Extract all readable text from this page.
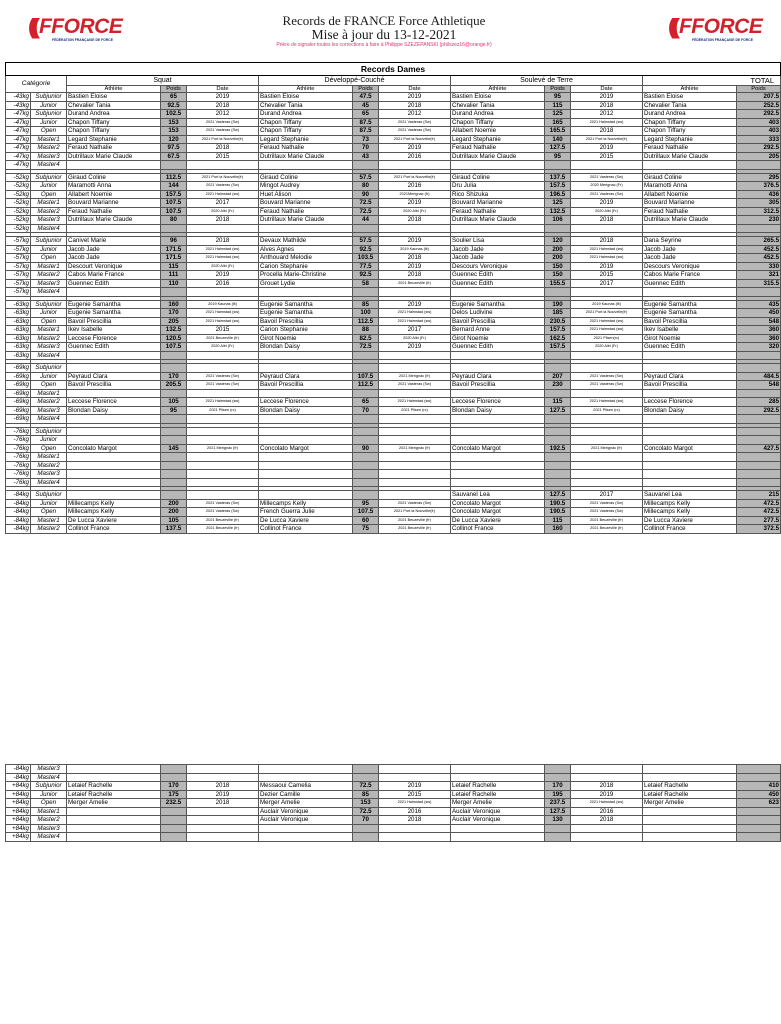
((( FFORCE
FÉDÉRATION FRANÇAISE DE FORCE
((( FFORCE
FÉDÉRATION FRANÇAISE DE FORCE
Records de FRANCE Force Athletique
Mise à jour du 13-12-2021
Prière de signaler toutes les corrections à faire à Philippe SZEZEPANSKI (philszez16@orange.fr)
Records Dames												
Catégorie		Squat			Développé-Couché			Soulevé de Terre			TOTAL	
		Athlète	Poids	Date	Athlète	Poids	Date	Athlète	Poids	Date	Athlète	Poids
-43kg	Subjunior	Bastien Eloise	65	2019	Bastien Eloise	47.5	2019	Bastien Eloise	95	2019	Bastien Eloise	207.5
-43kg	Junior	Chevalier Tania	92.5	2018	Chevalier Tania	45	2018	Chevalier Tania	115	2018	Chevalier Tania	252.5
-47kg	Subjunior	Durand Andrea	102.5	2012	Durand Andrea	65	2012	Durand Andrea	125	2012	Durand Andrea	292.5
-47kg	Junior	Chapon Tiffany	153	2021 Vasteras (Sw)	Chapon Tiffany	87.5	2021 Vasteras (Sw)	Chapon Tiffany	165	2021 Halmstad (sw)	Chapon Tiffany	403
-47kg	Open	Chapon Tiffany	153	2021 Vasteras (Sw)	Chapon Tiffany	87.5	2021 Vasteras (Sw)	Allabert Noemie	165.5	2018	Chapon Tiffany	403
-47kg	Master1	Legard Stephanie	120	2021 Port la Nouvelle(fr)	Legard Stephanie	73	2021 Port la Nouvelle(fr)	Legard Stephanie	140	2021 Port la Nouvelle(fr)	Legard Stephanie	333
-47kg	Master2	Feraud Nathalie	97.5	2018	Feraud Nathalie	70	2019	Feraud Nathalie	127.5	2019	Feraud Nathalie	292.5
-47kg	Master3	Dutrillaux Marie Claude	67.5	2015	Dutrillaux Marie Claude	43	2016	Dutrillaux Marie Claude	95	2015	Dutrillaux Marie Claude	205
-47kg	Master4											

-52kg	Subjunior	Giraud Coline	112.5	2021 Port la Nouvelle(fr)	Giraud Coline	57.5	2021 Port la Nouvelle(fr)	Giraud Coline	137.5	2021 Vasteras (Sw)	Giraud Coline	295
-52kg	Junior	Maramotti Anna	144	2021 Vasteras (Sw)	Mingot Audrey	80	2016	Dru Julia	157.5	2020 Merignac (Fr)	Maramotti Anna	376.5
-52kg	Open	Allabert Noemie	157.5	2021 Halmstad (sw)	Huet Alison	90	2021Merignac (fr)	Rico Shizuka	196.5	2021 Vasteras (Sw)	Allabert Noemie	436
-52kg	Master1	Bouvard Marianne	107.5	2017	Bouvard Marianne	72.5	2019	Bouvard Marianne	125	2019	Bouvard Marianne	305
-52kg	Master2	Feraud Nathalie	107.5	2020 Albi (Fr)	Feraud Nathalie	72.5	2020 Albi (Fr)	Feraud Nathalie	132.5	2020 Albi (Fr)	Feraud Nathalie	312.5
-52kg	Master3	Dutrillaux Marie Claude	80	2018	Dutrillaux Marie Claude	44	2018	Dutrillaux Marie Claude	106	2018	Dutrillaux Marie Claude	230
-52kg	Master4											

-57kg	Subjunior	Canivet Marie	96	2018	Devaux Mathilde	57.5	2019	Soulier Lisa	120	2018	Dana Seyrine	265.5
-57kg	Junior	Jacob Jade	171.5	2021 Halmstad (sw)	Alves Agnes	92.5	2019 Kaunas (lit)	Jacob Jade	200	2021 Halmstad (sw)	Jacob Jade	452.5
-57kg	Open	Jacob Jade	171.5	2021 Halmstad (sw)	Anthouard Melodie	103.5	2018	Jacob Jade	200	2021 Halmstad (sw)	Jacob Jade	452.5
-57kg	Master1	Descourt Veronique	115	2020 Albi (Fr)	Carion Stephanie	77.5	2019	Descours Veronique	150	2019	Descours Veronique	330
-57kg	Master2	Cabos Marie France	111	2019	Procella Marie-Christine	92.5	2018	Guennec Edith	150	2015	Cabos Marie France	321
-57kg	Master3	Guennec Edith	110	2016	Grouet Lydie	58	2021 Beuzeville (fr)	Guennec Edith	155.5	2017	Guennec Edith	315.5
-57kg	Master4											

-63kg	Subjunior	Eugenie Samantha	160	2019 Kaunas (lit)	Eugenie Samantha	85	2019	Eugenie Samantha	190	2019 Kaunas (lit)	Eugenie Samantha	435
-63kg	Junior	Eugenie Samantha	170	2021 Halmstad (sw)	Eugenie Samantha	100	2021 Halmstad (sw)	Delos Ludivine	185	2021 Port la Nouvelle(fr)	Eugenie Samantha	450
-63kg	Open	Bavoil Prescillia	205	2021 Halmstad (sw)	Bavoil Prescillia	112.5	2021 Halmstad (sw)	Bavoil Prescillia	230.5	2021 Halmstad (sw)	Bavoil Prescillia	548
-63kg	Master1	Ikev Isabelle	132.5	2015	Carion Stephanie	88	2017	Bernard Anne	157.5	2021 Halmstad (sw)	Ikev Isabelle	360
-63kg	Master2	Leccese Florence	120.5	2021 Beuzeville (fr)	Girot Noemie	82.5	2020 Albi (Fr)	Girot Noemie	162.5	2021 Pilsen(rc)	Girot Noemie	360
-63kg	Master3	Guennec Edith	107.5	2020 Albi (Fr)	Blondan Daisy	72.5	2019	Guennec Edith	157.5	2020 Albi (Fr)	Guennec Edith	320
-63kg	Master4											

-69kg	Subjunior											
-69kg	Junior	Peyraud Clara	170	2021 Vasteras (Sw)	Peyraud Clara	107.5	2021 Merignac (fr)	Peyraud Clara	207	2021 Vasteras (Sw)	Peyraud Clara	484.5
-69kg	Open	Bavoil Prescillia	205.5	2021 Vasteras (Sw)	Bavoil Prescillia	112.5	2021 Vasteras (Sw)	Bavoil Prescillia	230	2021 Vasteras (Sw)	Bavoil Prescillia	548
-69kg	Master1											
-69kg	Master2	Leccese Florence	105	2021 Halmstad (sw)	Leccese Florence	65	2021 Halmstad (sw)	Leccese Florence	115	2021 Halmstad (sw)	Leccese Florence	285
-69kg	Master3	Blondan Daisy	95	2021 Pilsen (rc)	Blondan Daisy	70	2021 Pilsen (rc)	Blondan Daisy	127.5	2021 Pilsen (rc)	Blondan Daisy	292.5
-69kg	Master4											

-76kg	Subjunior											
-76kg	Junior											
-76kg	Open	Concolato Margot	145	2021 Merignac (fr)	Concolato Margot	90	2021 Merignac (fr)	Concolato Margot	192.5	2021 Merignac (fr)	Concolato Margot	427.5
-76kg	Master1											
-76kg	Master2											
-76kg	Master3											
-76kg	Master4											

-84kg	Subjunior							Sauvanel Lea	127.5	2017	Sauvanel Lea	215
-84kg	Junior	Millecamps Kelly	200	2021 Vasteras (Sw)	Millecamps Kelly	95	2021 Vasteras (Sw)	Concolato Margot	190.5	2021 Vasteras (Sw)	Millecamps Kelly	472.5
-84kg	Open	Millecamps Kelly	200	2021 Vasteras (Sw)	French Guerra Julie	107.5	2021 Port la Nouvelle(fr)	Concolato Margot	190.5	2021 Vasteras (Sw)	Millecamps Kelly	472.5
-84kg	Master1	De Lucca Xaviere	105	2021 Beuzeville (fr)	De Lucca Xaviere	60	2021 Beuzeville (fr)	De Lucca Xaviere	115	2021 Beuzeville (fr)	De Lucca Xaviere	277.5
-84kg	Master2	Collinot France	137.5	2021 Beuzeville (fr)	Collinot France	75	2021 Beuzeville (fr)	Collinot France	160	2021 Beuzeville (fr)	Collinot France	372.5
-84kg	Master3											
-84kg	Master4											
+84kg	Subjunior	Letaief Rachelle	170	2018	Messaoui Camelia	72.5	2019	Letaief Rachelle	170	2018	Letaief Rachelle	410
+84kg	Junior	Letaief Rachelle	175	2019	Dezier Camille	85	2015	Letaief Rachelle	195	2019	Letaief Rachelle	450
+84kg	Open	Merger Amelie	232.5	2018	Merger Amelie	153	2021 Halmstad (sw)	Merger Amelie	237.5	2021 Halmstad (sw)	Merger Amelie	623
+84kg	Master1				Auclair Veronique	72.5	2016	Auclair Veronique	127.5	2016		
+84kg	Master2				Auclair Veronique	70	2018	Auclair Veronique	130	2018		
+84kg	Master3											
+84kg	Master4											
